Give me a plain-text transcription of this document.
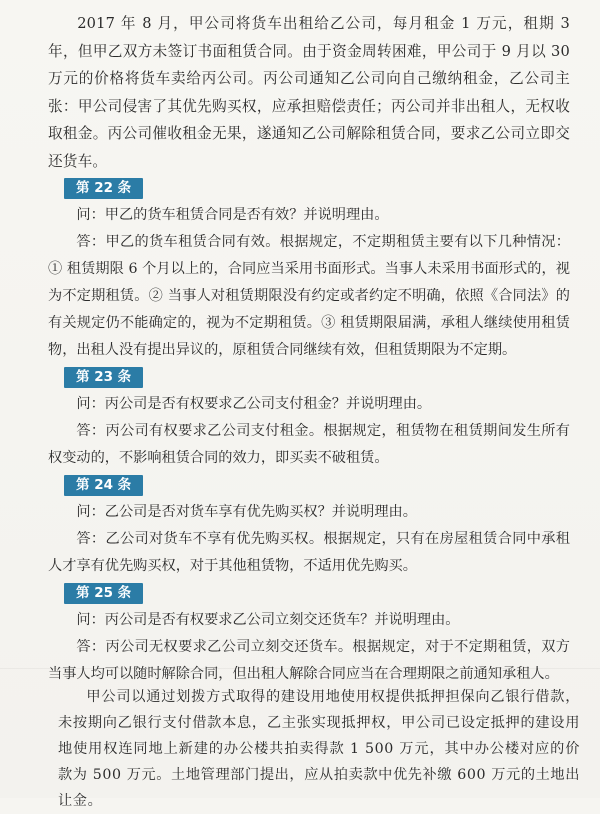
2017 年 8 月，甲公司将货车出租给乙公司，每月租金 1 万元，租期 3 年，但甲乙双方未签订书面租赁合同。由于资金周转困难，甲公司于 9 月以 30 万元的价格将货车卖给丙公司。丙公司通知乙公司向自己缴纳租金，乙公司主张：甲公司侵害了其优先购买权，应承担赔偿责任；丙公司并非出租人，无权收取租金。丙公司催收租金无果，遂通知乙公司解除租赁合同，要求乙公司立即交还货车。

第 22 条

问：甲乙的货车租赁合同是否有效？并说明理由。

答：甲乙的货车租赁合同有效。根据规定，不定期租赁主要有以下几种情况：① 租赁期限 6 个月以上的，合同应当采用书面形式。当事人未采用书面形式的，视为不定期租赁。② 当事人对租赁期限没有约定或者约定不明确，依照《合同法》的有关规定仍不能确定的，视为不定期租赁。③ 租赁期限届满，承租人继续使用租赁物，出租人没有提出异议的，原租赁合同继续有效，但租赁期限为不定期。

第 23 条

问：丙公司是否有权要求乙公司支付租金？并说明理由。

答：丙公司有权要求乙公司支付租金。根据规定，租赁物在租赁期间发生所有权变动的，不影响租赁合同的效力，即买卖不破租赁。

第 24 条

问：乙公司是否对货车享有优先购买权？并说明理由。

答：乙公司对货车不享有优先购买权。根据规定，只有在房屋租赁合同中承租人才享有优先购买权，对于其他租赁物，不适用优先购买。

第 25 条

问：丙公司是否有权要求乙公司立刻交还货车？并说明理由。

答：丙公司无权要求乙公司立刻交还货车。根据规定，对于不定期租赁，双方当事人均可以随时解除合同，但出租人解除合同应当在合理期限之前通知承租人。

甲公司以通过划拨方式取得的建设用地使用权提供抵押担保向乙银行借款，未按期向乙银行支付借款本息，乙主张实现抵押权，甲公司已设定抵押的建设用地使用权连同地上新建的办公楼共拍卖得款 1 500 万元，其中办公楼对应的价款为 500 万元。土地管理部门提出，应从拍卖款中优先补缴 600 万元的土地出让金。
